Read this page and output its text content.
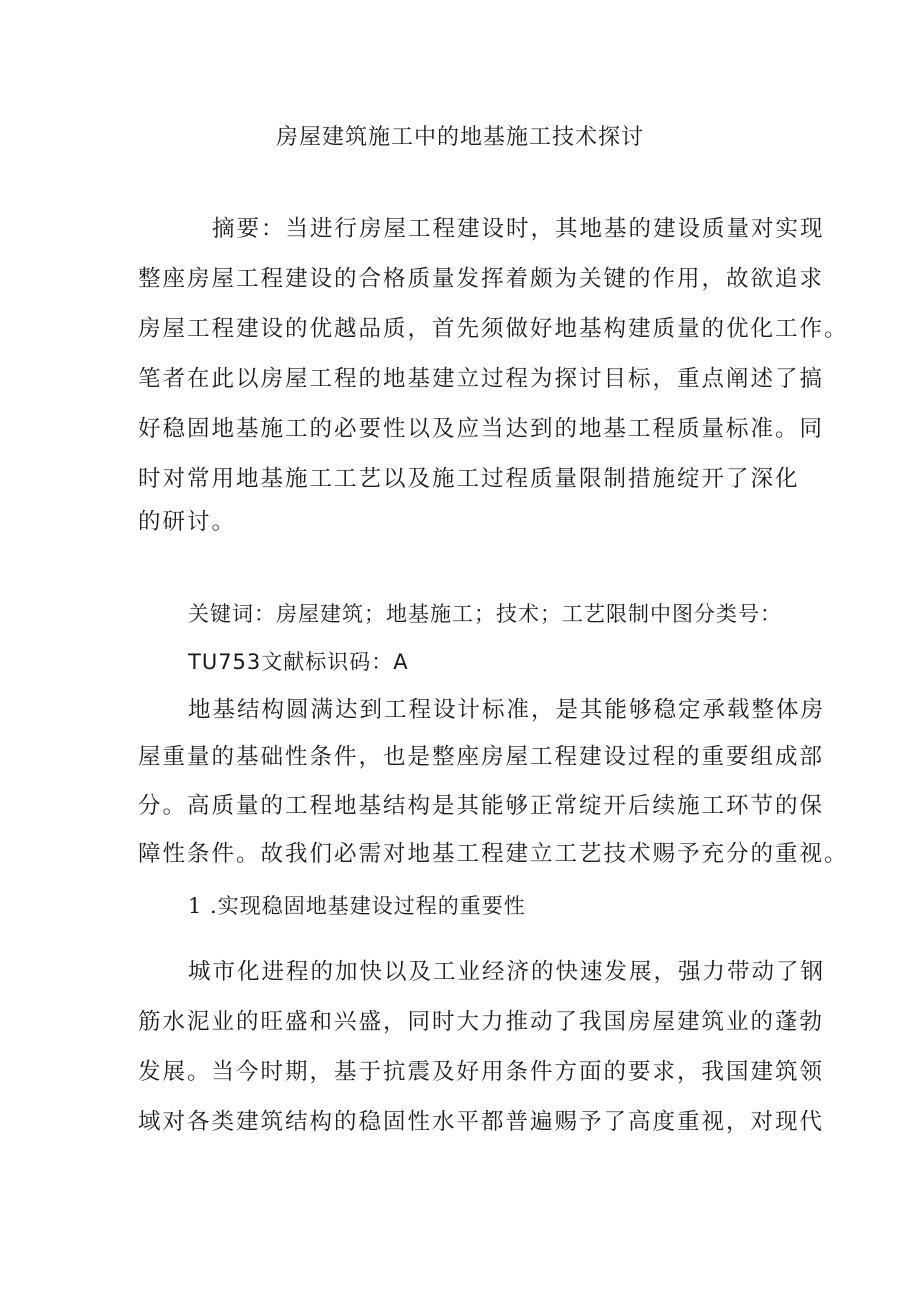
房屋建筑施工中的地基施工技术探讨
摘要：当进行房屋工程建设时，其地基的建设质量对实现
整座房屋工程建设的合格质量发挥着颇为关键的作用，故欲追求
房屋工程建设的优越品质，首先须做好地基构建质量的优化工作。
笔者在此以房屋工程的地基建立过程为探讨目标，重点阐述了搞
好稳固地基施工的必要性以及应当达到的地基工程质量标准。同
时对常用地基施工工艺以及施工过程质量限制措施绽开了深化
的研讨。
关键词：房屋建筑；地基施工；技术；工艺限制中图分类号：
TU753文献标识码：A
地基结构圆满达到工程设计标准，是其能够稳定承载整体房
屋重量的基础性条件，也是整座房屋工程建设过程的重要组成部
分。高质量的工程地基结构是其能够正常绽开后续施工环节的保
障性条件。故我们必需对地基工程建立工艺技术赐予充分的重视。
1 .实现稳固地基建设过程的重要性
城市化进程的加快以及工业经济的快速发展，强力带动了钢
筋水泥业的旺盛和兴盛，同时大力推动了我国房屋建筑业的蓬勃
发展。当今时期，基于抗震及好用条件方面的要求，我国建筑领
域对各类建筑结构的稳固性水平都普遍赐予了高度重视，对现代
